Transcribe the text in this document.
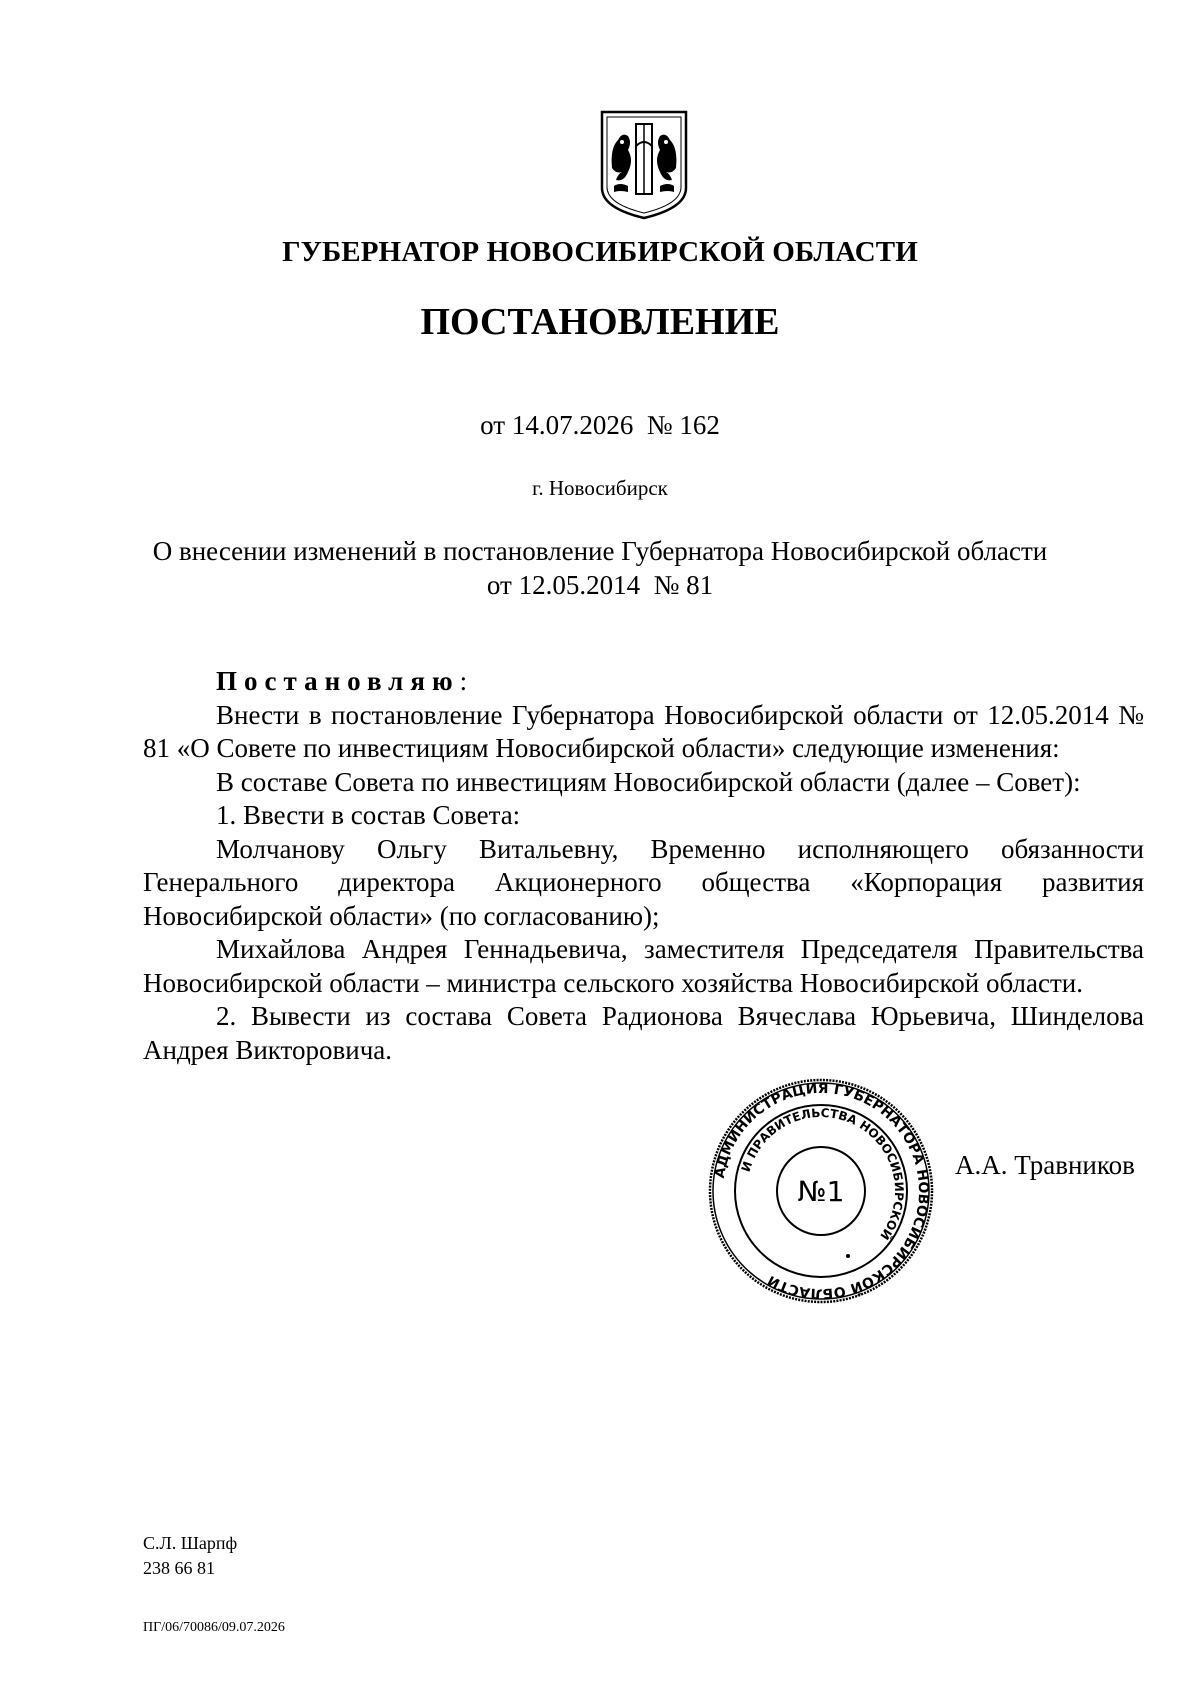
ГУБЕРНАТОР НОВОСИБИРСКОЙ ОБЛАСТИ
ПОСТАНОВЛЕНИЕ
от 14.07.2026  № 162
г. Новосибирск
О внесении изменений в постановление Губернатора Новосибирской области
от 12.05.2014  № 81

Постановляю:

Внести в постановление Губернатора Новосибирской области от 12.05.2014 № 81 «О Совете по инвестициям Новосибирской области» следующие изменения:

В составе Совета по инвестициям Новосибирской области (далее – Совет):

1. Ввести в состав Совета:

Молчанову Ольгу Витальевну, Временно исполняющего обязанности Генерального директора Акционерного общества «Корпорация развития Новосибирской области» (по согласованию);

Михайлова Андрея Геннадьевича, заместителя Председателя Правительства Новосибирской области – министра сельского хозяйства Новосибирской области.

2. Вывести из состава Совета Радионова Вячеслава Юрьевича, Шинделова Андрея Викторовича.

АДМИНИСТРАЦИЯ ГУБЕРНАТОРА НОВОСИБИРСКОЙ ОБЛАСТИ
И ПРАВИТЕЛЬСТВА НОВОСИБИРСКОЙ
№1
А.А. Травников
С.Л. Шарпф
238 66 81
ПГ/06/70086/09.07.2026
